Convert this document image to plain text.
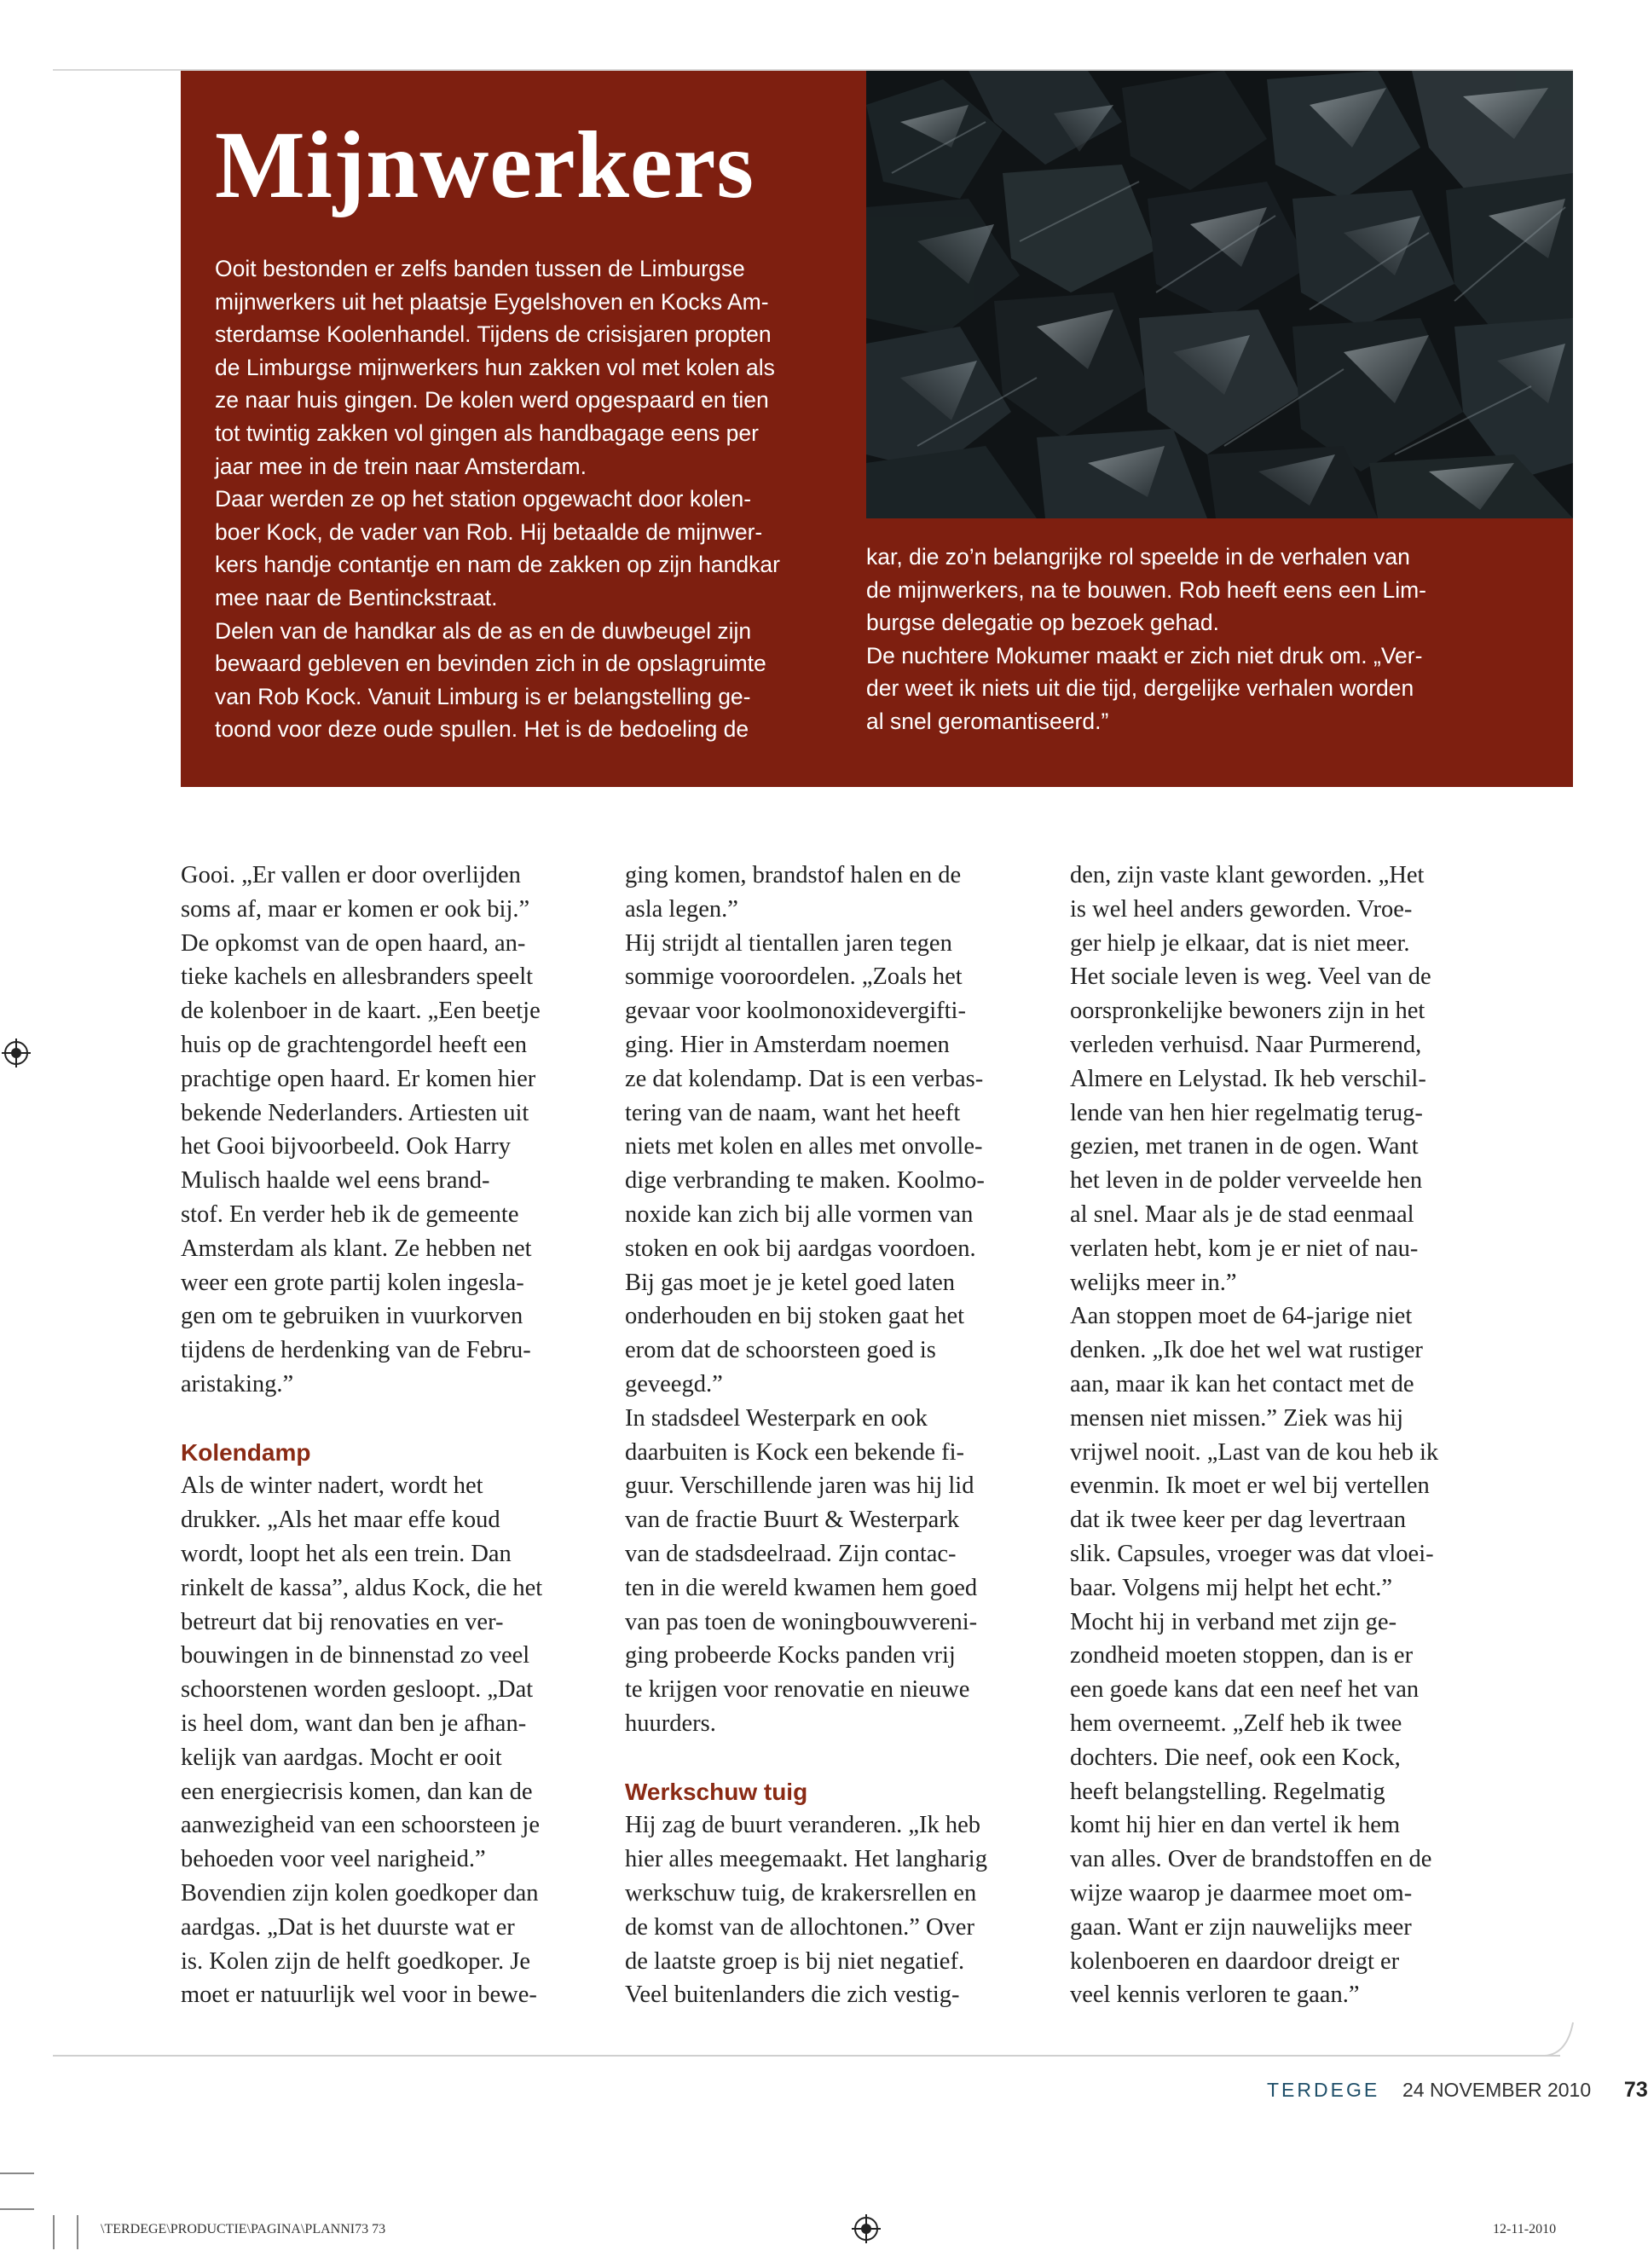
Mijnwerkers
Ooit bestonden er zelfs banden tussen de Limburgse
mijnwerkers uit het plaatsje Eygelshoven en Kocks Am-
sterdamse Koolenhandel. Tijdens de crisisjaren propten
de Limburgse mijnwerkers hun zakken vol met kolen als
ze naar huis gingen. De kolen werd opgespaard en tien
tot twintig zakken vol gingen als handbagage eens per
jaar mee in de trein naar Amsterdam.
Daar werden ze op het station opgewacht door kolen-
boer Kock, de vader van Rob. Hij betaalde de mijnwer-
kers handje contantje en nam de zakken op zijn handkar
mee naar de Bentinckstraat.
Delen van de handkar als de as en de duwbeugel zijn
bewaard gebleven en bevinden zich in de opslagruimte
van Rob Kock. Vanuit Limburg is er belangstelling ge-
toond voor deze oude spullen. Het is de bedoeling de
kar, die zo’n belangrijke rol speelde in de verhalen van
de mijnwerkers, na te bouwen. Rob heeft eens een Lim-
burgse delegatie op bezoek gehad.
De nuchtere Mokumer maakt er zich niet druk om. „Ver-
der weet ik niets uit die tijd, dergelijke verhalen worden
al snel geromantiseerd.”
Gooi. „Er vallen er door overlijden
soms af, maar er komen er ook bij.”
De opkomst van de open haard, an-
tieke kachels en allesbranders speelt
de kolenboer in de kaart. „Een beetje
huis op de grachtengordel heeft een
prachtige open haard. Er komen hier
bekende Nederlanders. Artiesten uit
het Gooi bijvoorbeeld. Ook Harry
Mulisch haalde wel eens brand-
stof. En verder heb ik de gemeente
Amsterdam als klant. Ze hebben net
weer een grote partij kolen ingesla-
gen om te gebruiken in vuurkorven
tijdens de herdenking van de Febru-
aristaking.”
Kolendamp
Als de winter nadert, wordt het
drukker. „Als het maar effe koud
wordt, loopt het als een trein. Dan
rinkelt de kassa”, aldus Kock, die het
betreurt dat bij renovaties en ver-
bouwingen in de binnenstad zo veel
schoorstenen worden gesloopt. „Dat
is heel dom, want dan ben je afhan-
kelijk van aardgas. Mocht er ooit
een energiecrisis komen, dan kan de
aanwezigheid van een schoorsteen je
behoeden voor veel narigheid.”
Bovendien zijn kolen goedkoper dan
aardgas. „Dat is het duurste wat er
is. Kolen zijn de helft goedkoper. Je
moet er natuurlijk wel voor in bewe-
ging komen, brandstof halen en de
asla legen.”
Hij strijdt al tientallen jaren tegen
sommige vooroordelen. „Zoals het
gevaar voor koolmonoxidevergifti-
ging. Hier in Amsterdam noemen
ze dat kolendamp. Dat is een verbas-
tering van de naam, want het heeft
niets met kolen en alles met onvolle-
dige verbranding te maken. Koolmo-
noxide kan zich bij alle vormen van
stoken en ook bij aardgas voordoen.
Bij gas moet je je ketel goed laten
onderhouden en bij stoken gaat het
erom dat de schoorsteen goed is
geveegd.”
In stadsdeel Westerpark en ook
daarbuiten is Kock een bekende fi-
guur. Verschillende jaren was hij lid
van de fractie Buurt & Westerpark
van de stadsdeelraad. Zijn contac-
ten in die wereld kwamen hem goed
van pas toen de woningbouwvereni-
ging probeerde Kocks panden vrij
te krijgen voor renovatie en nieuwe
huurders.
Werkschuw tuig
Hij zag de buurt veranderen. „Ik heb
hier alles meegemaakt. Het langharig
werkschuw tuig, de krakersrellen en
de komst van de allochtonen.” Over
de laatste groep is bij niet negatief.
Veel buitenlanders die zich vestig-
den, zijn vaste klant geworden. „Het
is wel heel anders geworden. Vroe-
ger hielp je elkaar, dat is niet meer.
Het sociale leven is weg. Veel van de
oorspronkelijke bewoners zijn in het
verleden verhuisd. Naar Purmerend,
Almere en Lelystad. Ik heb verschil-
lende van hen hier regelmatig terug-
gezien, met tranen in de ogen. Want
het leven in de polder verveelde hen
al snel. Maar als je de stad eenmaal
verlaten hebt, kom je er niet of nau-
welijks meer in.”
Aan stoppen moet de 64-jarige niet
denken. „Ik doe het wel wat rustiger
aan, maar ik kan het contact met de
mensen niet missen.” Ziek was hij
vrijwel nooit. „Last van de kou heb ik
evenmin. Ik moet er wel bij vertellen
dat ik twee keer per dag levertraan
slik. Capsules, vroeger was dat vloei-
baar. Volgens mij helpt het echt.”
Mocht hij in verband met zijn ge-
zondheid moeten stoppen, dan is er
een goede kans dat een neef het van
hem overneemt. „Zelf heb ik twee
dochters. Die neef, ook een Kock,
heeft belangstelling. Regelmatig
komt hij hier en dan vertel ik hem
van alles. Over de brandstoffen en de
wijze waarop je daarmee moet om-
gaan. Want er zijn nauwelijks meer
kolenboeren en daardoor dreigt er
veel kennis verloren te gaan.”
TERDEGE 24 NOVEMBER 2010 73
\TERDEGE\PRODUCTIE\PAGINA\PLANNI73 73	12-11-2010
